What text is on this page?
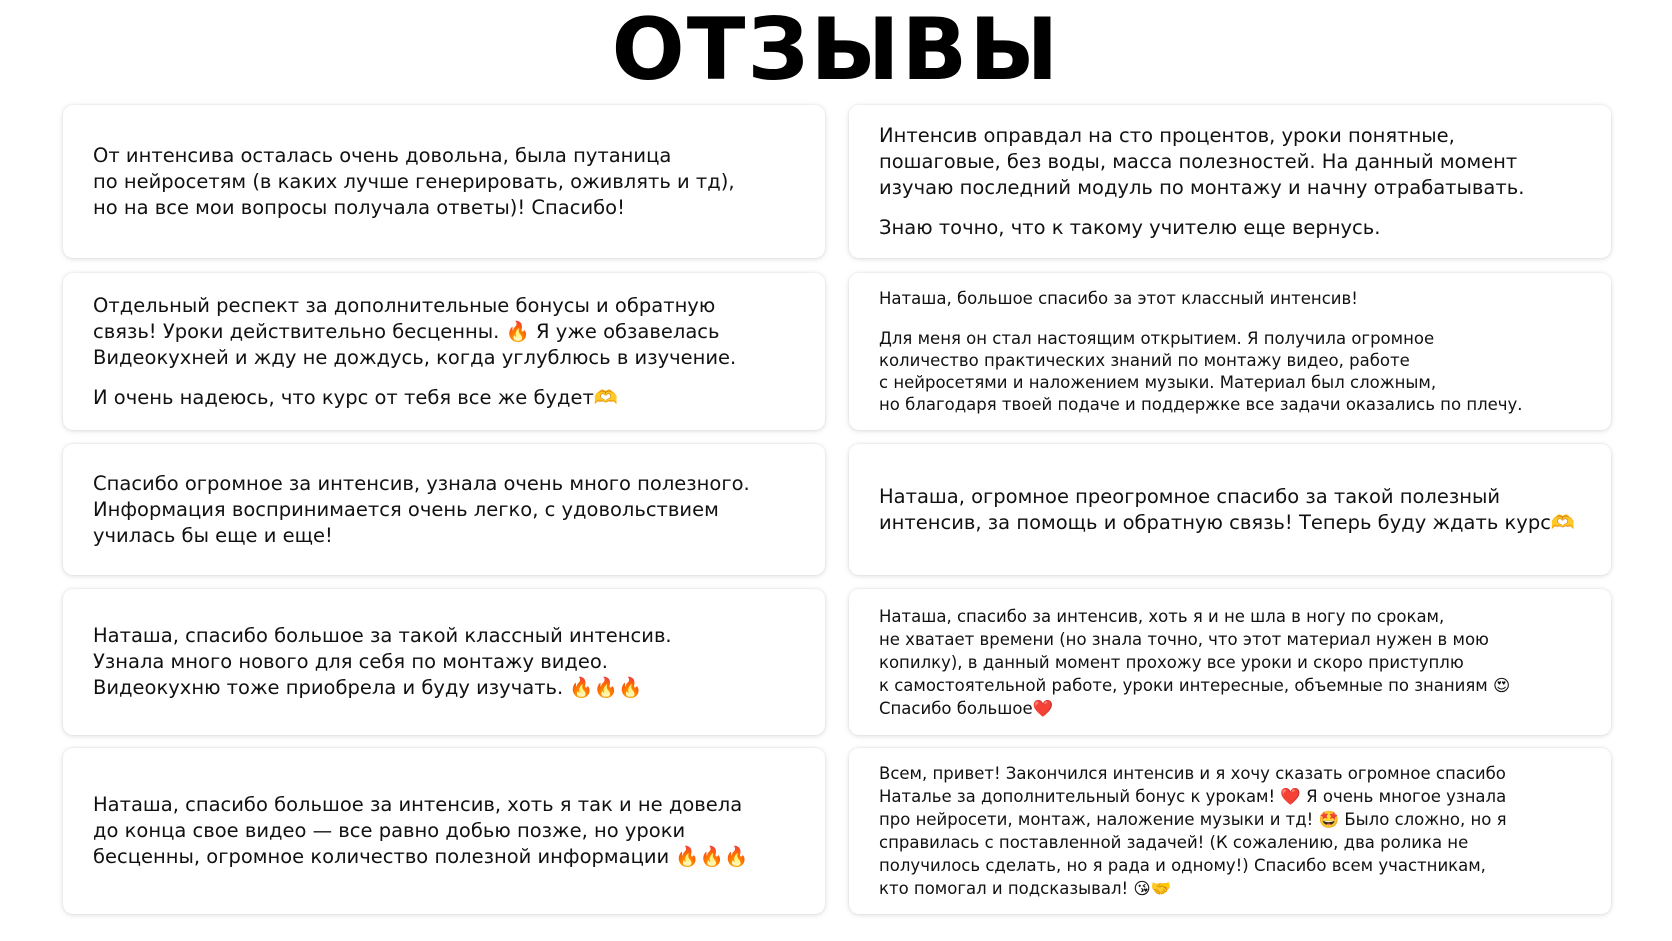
ОТЗЫВЫ

От интенсива осталась очень довольна, была путаница
по нейросетям (в каких лучше генерировать, оживлять и тд),
но на все мои вопросы получала ответы)! Спасибо!

Интенсив оправдал на сто процентов, уроки понятные,
пошаговые, без воды, масса полезностей. На данный момент
изучаю последний модуль по монтажу и начну отрабатывать.

Знаю точно, что к такому учителю еще вернусь.

Отдельный респект за дополнительные бонусы и обратную
связь! Уроки действительно бесценны. 🔥 Я уже обзавелась
Видеокухней и жду не дождусь, когда углублюсь в изучение.

И очень надеюсь, что курс от тебя все же будет🫶

Наташа, большое спасибо за этот классный интенсив!

Для меня он стал настоящим открытием. Я получила огромное
количество практических знаний по монтажу видео, работе
с нейросетями и наложением музыки. Материал был сложным,
но благодаря твоей подаче и поддержке все задачи оказались по плечу.

Спасибо огромное за интенсив, узнала очень много полезного.
Информация воспринимается очень легко, с удовольствием
училась бы еще и еще!

Наташа, огромное преогромное спасибо за такой полезный
интенсив, за помощь и обратную связь! Теперь буду ждать курс🫶

Наташа, спасибо большое за такой классный интенсив.
Узнала много нового для себя по монтажу видео.
Видеокухню тоже приобрела и буду изучать. 🔥🔥🔥

Наташа, спасибо за интенсив, хоть я и не шла в ногу по срокам,
не хватает времени (но знала точно, что этот материал нужен в мою
копилку), в данный момент прохожу все уроки и скоро приступлю
к самостоятельной работе, уроки интересные, объемные по знаниям 😍
Спасибо большое❤️

Наташа, спасибо большое за интенсив, хоть я так и не довела
до конца свое видео — все равно добью позже, но уроки
бесценны, огромное количество полезной информации 🔥🔥🔥

Всем, привет! Закончился интенсив и я хочу сказать огромное спасибо
Наталье за дополнительный бонус к урокам! ❤️ Я очень многое узнала
про нейросети, монтаж, наложение музыки и тд! 🤩 Было сложно, но я
справилась с поставленной задачей! (К сожалению, два ролика не
получилось сделать, но я рада и одному!) Спасибо всем участникам,
кто помогал и подсказывал! 😘🤝
